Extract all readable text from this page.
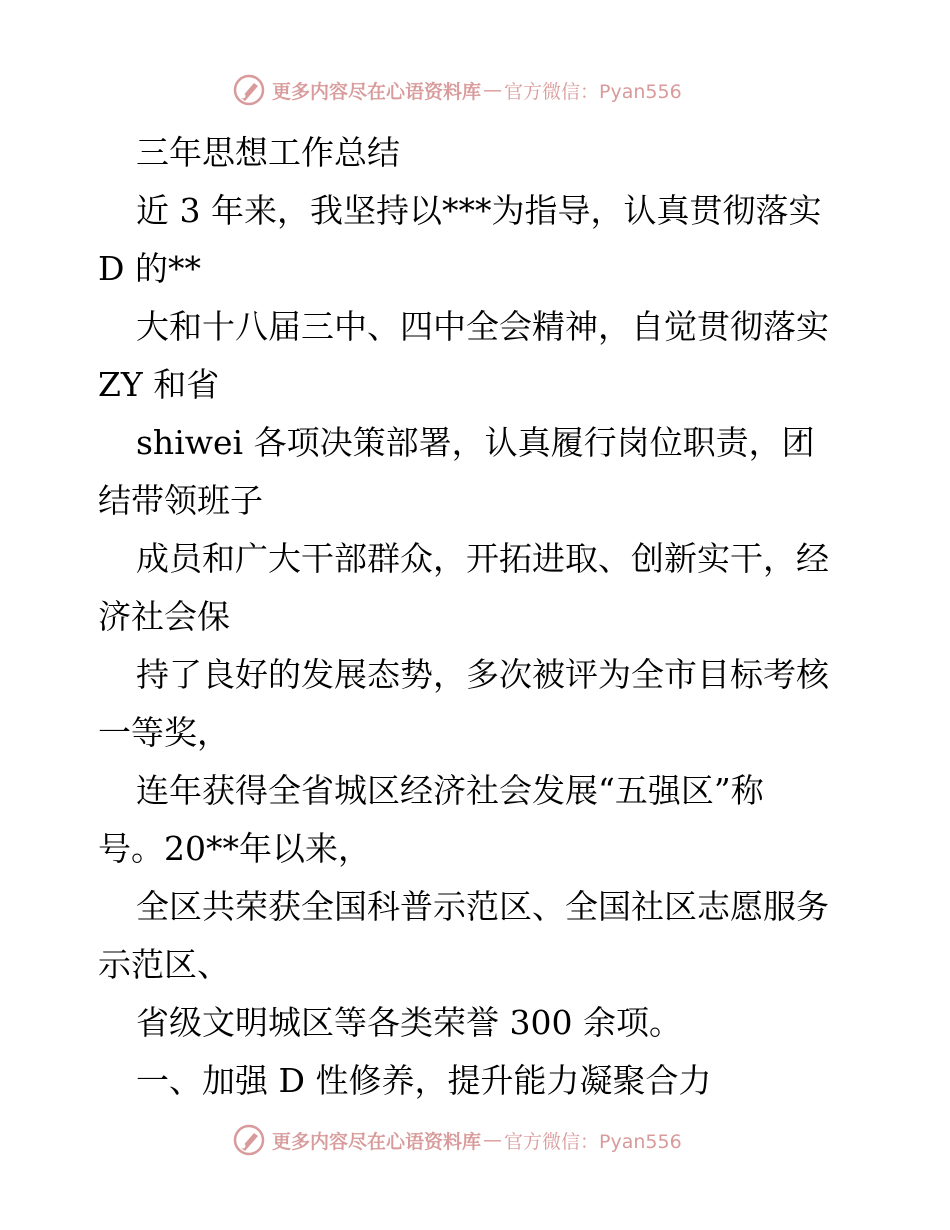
更多内容尽在心语资料库 — 官方微信：Pyan556
三年思想工作总结
近 3 年来，我坚持以***为指导，认真贯彻落实
D 的**
大和十八届三中、四中全会精神，自觉贯彻落实
ZY 和省
shiwei 各项决策部署，认真履行岗位职责，团
结带领班子
成员和广大干部群众，开拓进取、创新实干，经
济社会保
持了良好的发展态势，多次被评为全市目标考核
一等奖，
连年获得全省城区经济社会发展“五强区”称
号。20**年以来，
全区共荣获全国科普示范区、全国社区志愿服务
示范区、
省级文明城区等各类荣誉 300 余项。
一、加强 D 性修养，提升能力凝聚合力
更多内容尽在心语资料库 — 官方微信：Pyan556
